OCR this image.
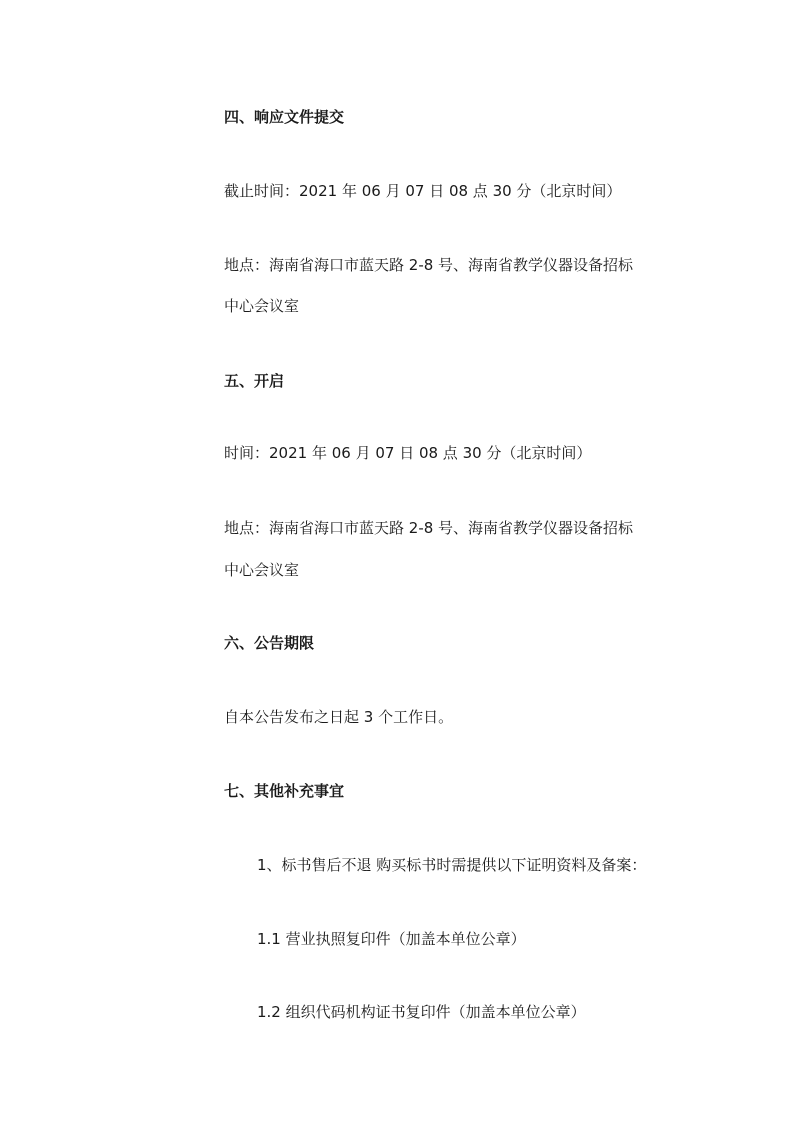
四、响应文件提交
截止时间：2021 年 06 月 07 日 08 点 30 分（北京时间）
地点：海南省海口市蓝天路 2-8 号、海南省教学仪器设备招标
中心会议室
五、开启
时间：2021 年 06 月 07 日 08 点 30 分（北京时间）
地点：海南省海口市蓝天路 2-8 号、海南省教学仪器设备招标
中心会议室
六、公告期限
自本公告发布之日起 3 个工作日。
七、其他补充事宜
1、标书售后不退 购买标书时需提供以下证明资料及备案：
1.1 营业执照复印件（加盖本单位公章）
1.2 组织代码机构证书复印件（加盖本单位公章）
